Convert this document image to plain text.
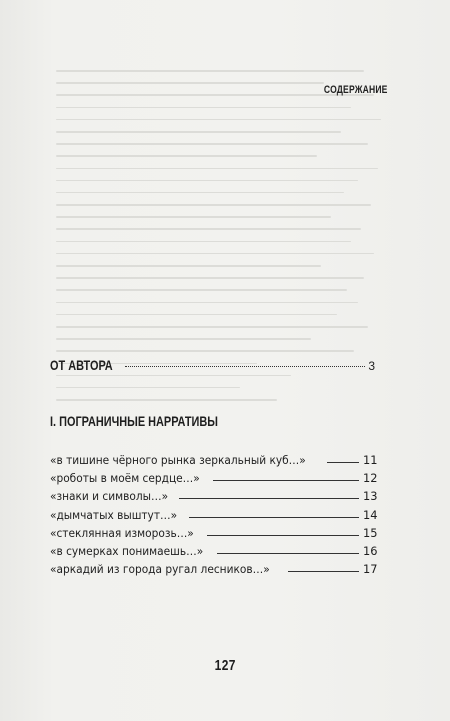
СОДЕРЖАНИЕ
ОТ АВТОРА	3
I. ПОГРАНИЧНЫЕ НАРРАТИВЫ
«в тишине чёрного рынка зеркальный куб…»	11
«роботы в моём сердце…»	12
«знаки и символы…»	13
«дымчатых выштут…»	14
«стеклянная изморозь…»	15
«в сумерках понимаешь…»	16
«аркадий из города ругал лесников…»	17
127
